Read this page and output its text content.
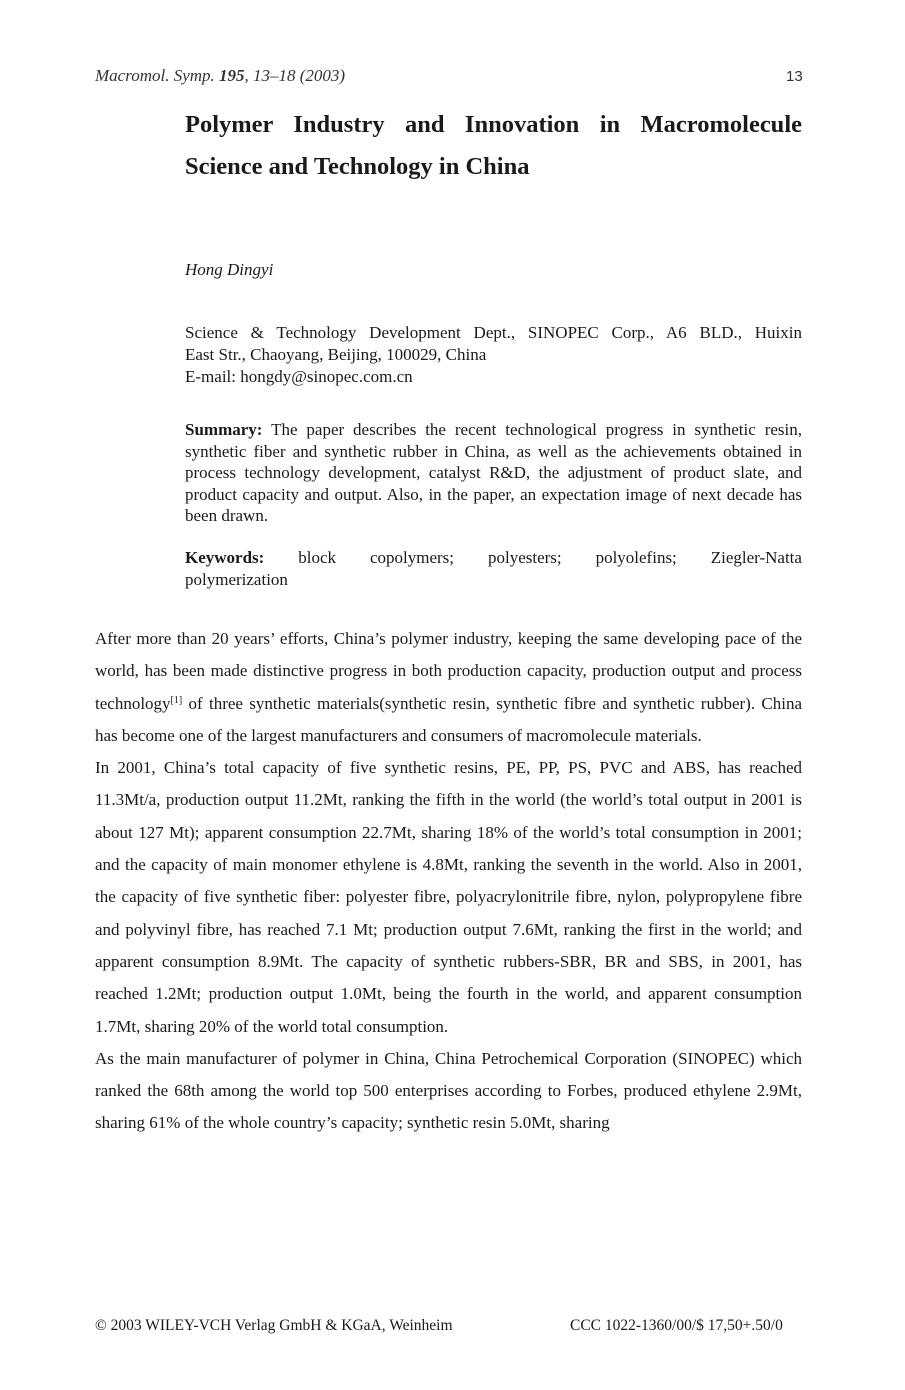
Macromol. Symp. 195, 13–18 (2003)	13
Polymer Industry and Innovation in Macromolecule
Science and Technology in China
Hong Dingyi
Science & Technology Development Dept., SINOPEC Corp., A6 BLD., Huixin
East Str., Chaoyang, Beijing, 100029, China
E-mail: hongdy@sinopec.com.cn
Summary: The paper describes the recent technological progress in synthetic resin, synthetic fiber and synthetic rubber in China, as well as the achievements obtained in process technology development, catalyst R&D, the adjustment of product slate, and product capacity and output. Also, in the paper, an expectation image of next decade has been drawn.
Keywords: block copolymers; polyesters; polyolefins; Ziegler-Natta
polymerization

After more than 20 years’ efforts, China’s polymer industry, keeping the same developing pace of the world, has been made distinctive progress in both production capacity, production output and process technology[1] of three synthetic materials(synthetic resin, synthetic fibre and synthetic rubber). China has become one of the largest manufacturers and consumers of macromolecule materials.

In 2001, China’s total capacity of five synthetic resins, PE, PP, PS, PVC and ABS, has reached 11.3Mt/a, production output 11.2Mt, ranking the fifth in the world (the world’s total output in 2001 is about 127 Mt); apparent consumption 22.7Mt, sharing 18% of the world’s total consumption in 2001; and the capacity of main monomer ethylene is 4.8Mt, ranking the seventh in the world. Also in 2001, the capacity of five synthetic fiber: polyester fibre, polyacrylonitrile fibre, nylon, polypropylene fibre and polyvinyl fibre, has reached 7.1 Mt; production output 7.6Mt, ranking the first in the world; and apparent consumption 8.9Mt. The capacity of synthetic rubbers-SBR, BR and SBS, in 2001, has reached 1.2Mt; production output 1.0Mt, being the fourth in the world, and apparent consumption 1.7Mt, sharing 20% of the world total consumption.

As the main manufacturer of polymer in China, China Petrochemical Corporation (SINOPEC) which ranked the 68th among the world top 500 enterprises according to Forbes, produced ethylene 2.9Mt, sharing 61% of the whole country’s capacity; synthetic resin 5.0Mt, sharing

© 2003 WILEY-VCH Verlag GmbH & KGaA, Weinheim	CCC 1022-1360/00/$ 17,50+.50/0
